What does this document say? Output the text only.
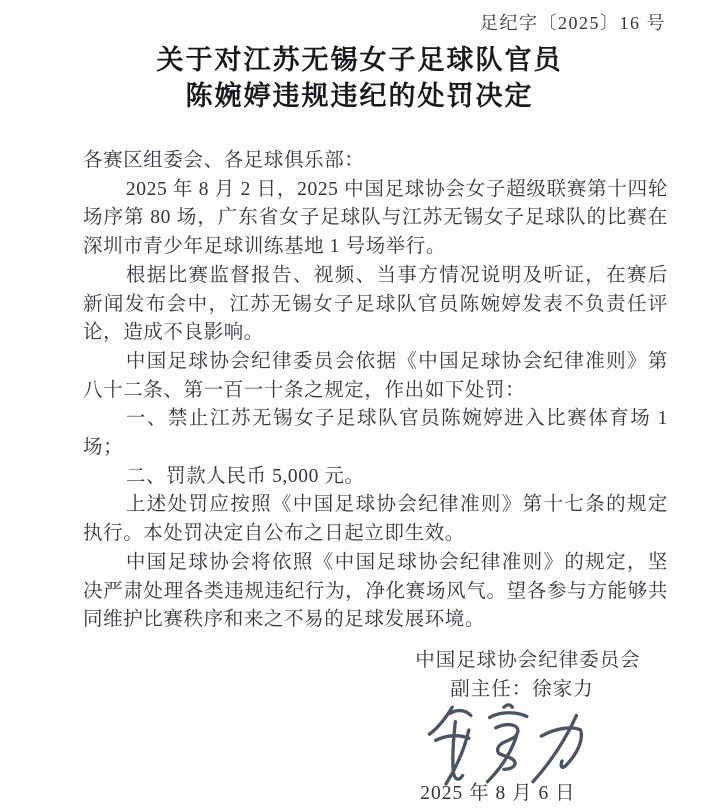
足纪字〔2025〕16 号
关于对江苏无锡女子足球队官员
陈婉婷违规违纪的处罚决定

各赛区组委会、各足球俱乐部：

2025 年 8 月 2 日，2025 中国足球协会女子超级联赛第十四轮场序第 80 场，广东省女子足球队与江苏无锡女子足球队的比赛在深圳市青少年足球训练基地 1 号场举行。

根据比赛监督报告、视频、当事方情况说明及听证，在赛后新闻发布会中，江苏无锡女子足球队官员陈婉婷发表不负责任评论，造成不良影响。

中国足球协会纪律委员会依据《中国足球协会纪律准则》第八十二条、第一百一十条之规定，作出如下处罚：

一、禁止江苏无锡女子足球队官员陈婉婷进入比赛体育场 1 场；

二、罚款人民币 5,000 元。

上述处罚应按照《中国足球协会纪律准则》第十七条的规定执行。本处罚决定自公布之日起立即生效。

中国足球协会将依照《中国足球协会纪律准则》的规定，坚决严肃处理各类违规违纪行为，净化赛场风气。望各参与方能够共同维护比赛秩序和来之不易的足球发展环境。

中国足球协会纪律委员会
副主任：徐家力
2025 年 8 月 6 日
